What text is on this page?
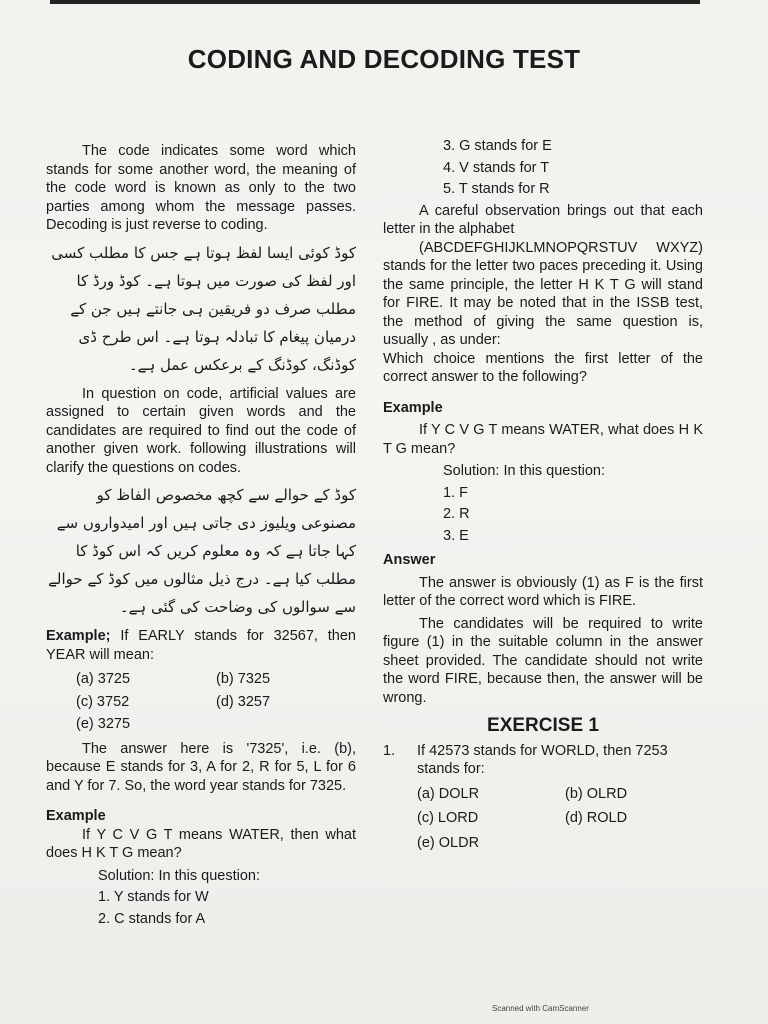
CODING AND DECODING TEST

The code indicates some word which stands for some another word, the meaning of the code word is known as only to the two parties among whom the message passes. Decoding is just reverse to coding.

کوڈ کوئی ایسا لفظ ہوتا ہے جس کا مطلب کسی اور لفظ کی صورت میں ہوتا ہے۔ کوڈ ورڈ کا مطلب صرف دو فریقین ہی جانتے ہیں جن کے درمیان پیغام کا تبادلہ ہوتا ہے۔ اس طرح ڈی کوڈنگ، کوڈنگ کے برعکس عمل ہے۔

In question on code, artificial values are assigned to certain given words and the candidates are required to find out the code of another given work. following illustrations will clarify the questions on codes.

کوڈ کے حوالے سے کچھ مخصوص الفاظ کو مصنوعی ویلیوز دی جاتی ہیں اور امیدواروں سے کہا جاتا ہے کہ وہ معلوم کریں کہ اس کوڈ کا مطلب کیا ہے۔ درج ذیل مثالوں میں کوڈ کے حوالے سے سوالوں کی وضاحت کی گئی ہے۔

Example; If EARLY stands for 32567, then YEAR will mean:

(a) 3725	(b) 7325
(c) 3752	(d) 3257
(e) 3275

The answer here is '7325', i.e. (b), because E stands for 3, A for 2, R for 5, L for 6 and Y for 7. So, the word year stands for 7325.

Example

If Y C V G T means WATER, then what does H K T G mean?

Solution: In this question:

1. Y stands for W
2. C stands for A
3. G stands for E
4. V stands for T
5. T stands for R

A careful observation brings out that each letter in the alphabet

(ABCDEFGHIJKLMNOPQRSTUV WXYZ) stands for the letter two paces preceding it. Using the same principle, the letter H K T G will stand for FIRE. It may be noted that in the ISSB test, the method of giving the same question is, usually , as under:

Which choice mentions the first letter of the correct answer to the following?

Example

If Y C V G T means WATER, what does H K T G mean?

Solution: In this question:

1. F
2. R
3. E

Answer

The answer is obviously (1) as F is the first letter of the correct word which is FIRE.

The candidates will be required to write figure (1) in the suitable column in the answer sheet provided. The candidate should not write the word FIRE, because then, the answer will be wrong.

EXERCISE 1

1.	If 42573 stands for WORLD, then 7253 stands for:
(a) DOLR	(b) OLRD
(c) LORD	(d) ROLD
(e) OLDR
Scanned with CamScanner
